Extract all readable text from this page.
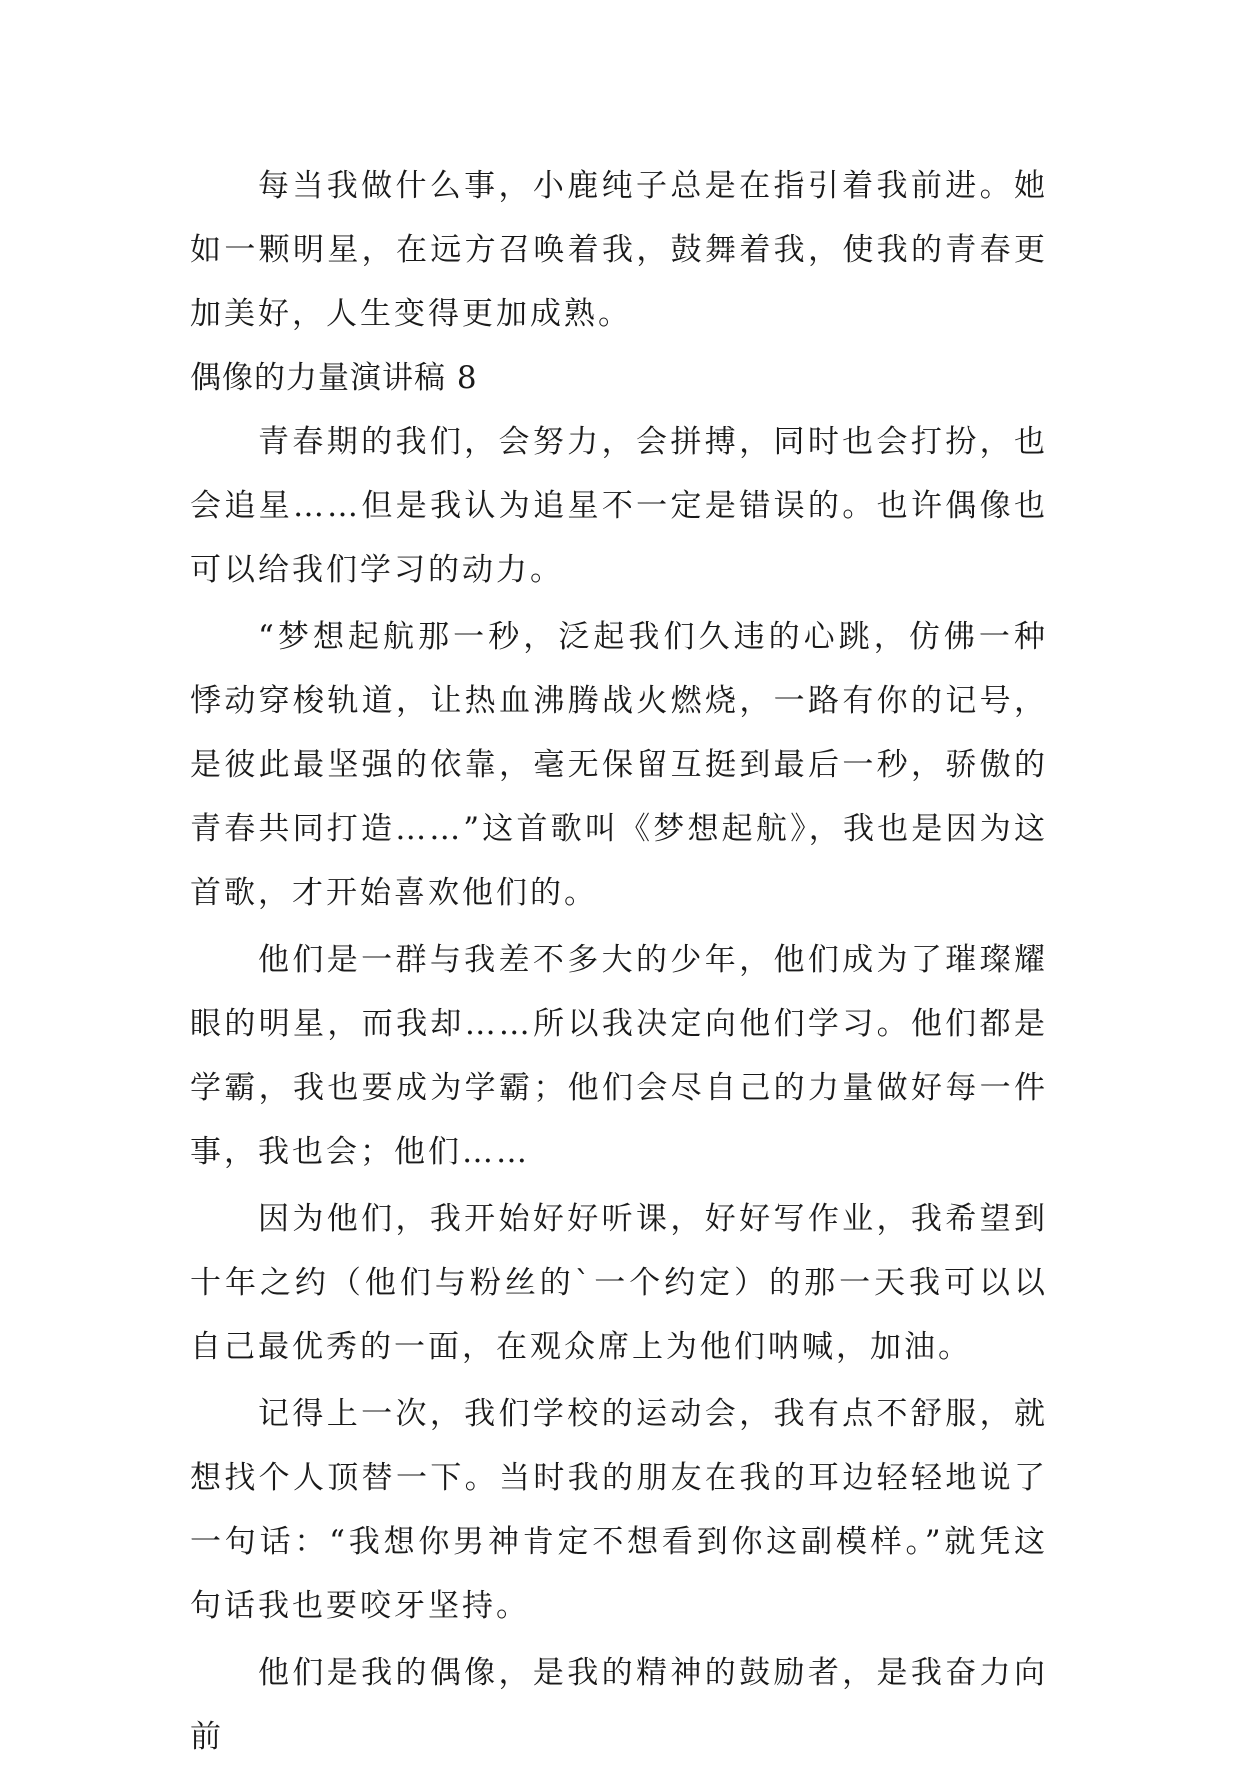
每当我做什么事，小鹿纯子总是在指引着我前进。她如一颗明星，在远方召唤着我，鼓舞着我，使我的青春更加美好，人生变得更加成熟。

偶像的力量演讲稿 8

青春期的我们，会努力，会拼搏，同时也会打扮，也会追星……但是我认为追星不一定是错误的。也许偶像也可以给我们学习的动力。

“梦想起航那一秒，泛起我们久违的心跳，仿佛一种悸动穿梭轨道，让热血沸腾战火燃烧，一路有你的记号，是彼此最坚强的依靠，毫无保留互挺到最后一秒，骄傲的青春共同打造……”这首歌叫《梦想起航》，我也是因为这首歌，才开始喜欢他们的。

他们是一群与我差不多大的少年，他们成为了璀璨耀眼的明星，而我却……所以我决定向他们学习。他们都是学霸，我也要成为学霸；他们会尽自己的力量做好每一件事，我也会；他们……

因为他们，我开始好好听课，好好写作业，我希望到十年之约（他们与粉丝的`一个约定）的那一天我可以以自己最优秀的一面，在观众席上为他们呐喊，加油。

记得上一次，我们学校的运动会，我有点不舒服，就想找个人顶替一下。当时我的朋友在我的耳边轻轻地说了一句话：“我想你男神肯定不想看到你这副模样。”就凭这句话我也要咬牙坚持。

他们是我的偶像，是我的精神的鼓励者，是我奋力向前
